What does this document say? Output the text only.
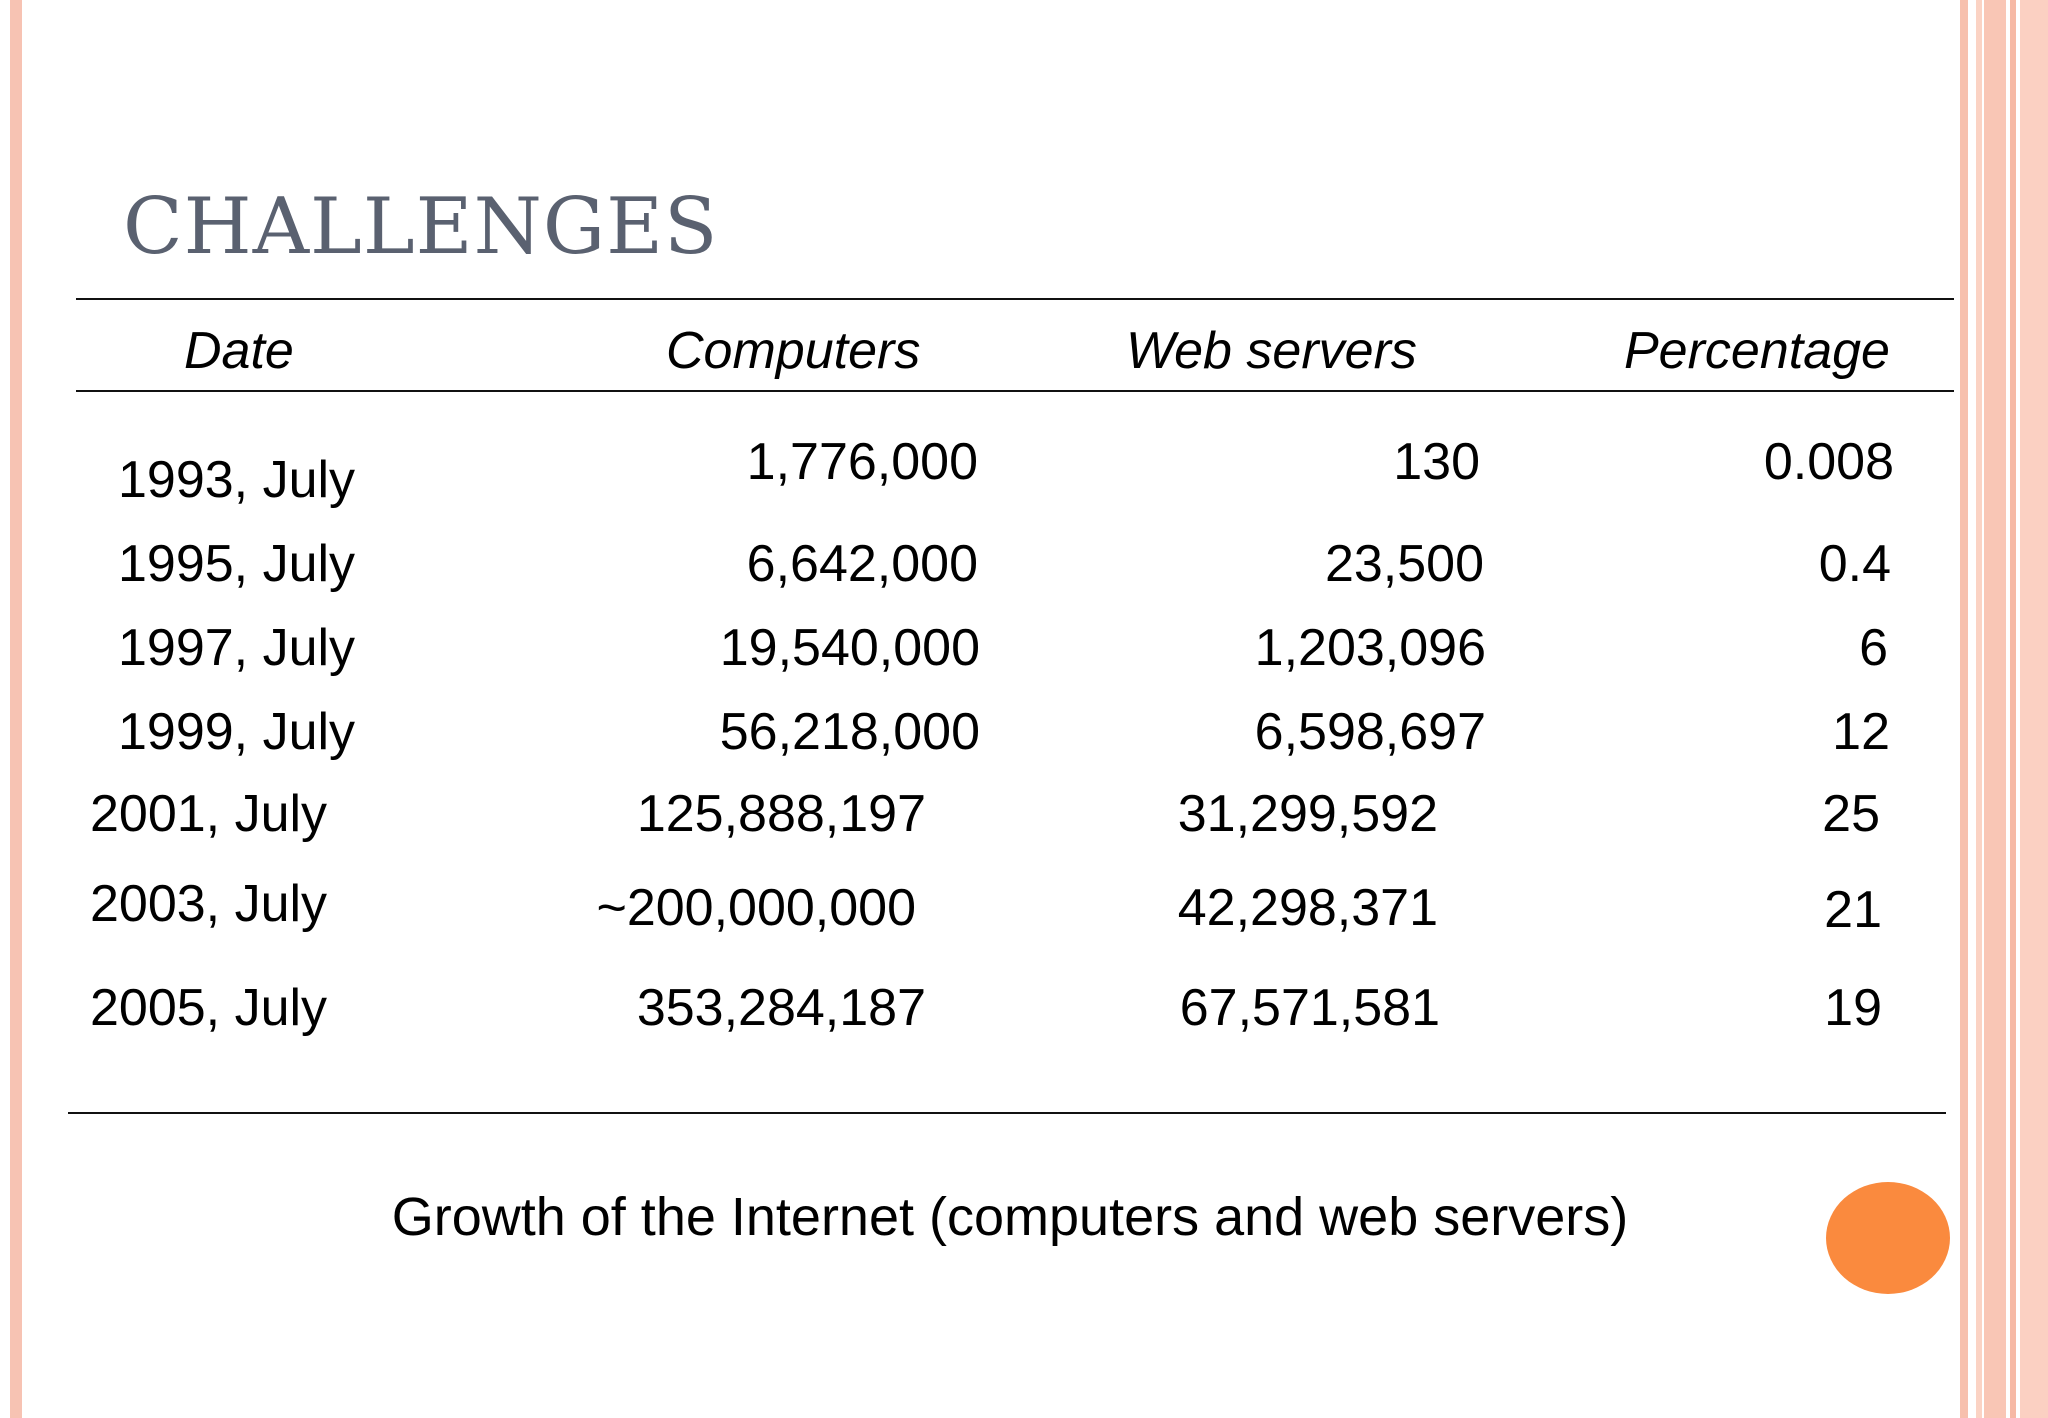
CHALLENGES
Date	Computers	Web servers	Percentage
1993, July	1,776,000	130	0.008
1995, July	6,642,000	23,500	0.4
1997, July	19,540,000	1,203,096	6
1999, July	56,218,000	6,598,697	12
2001, July	125,888,197	31,299,592	25
2003, July	~200,000,000	42,298,371	21
2005, July	353,284,187	67,571,581	19
Growth of the Internet (computers and web servers)
